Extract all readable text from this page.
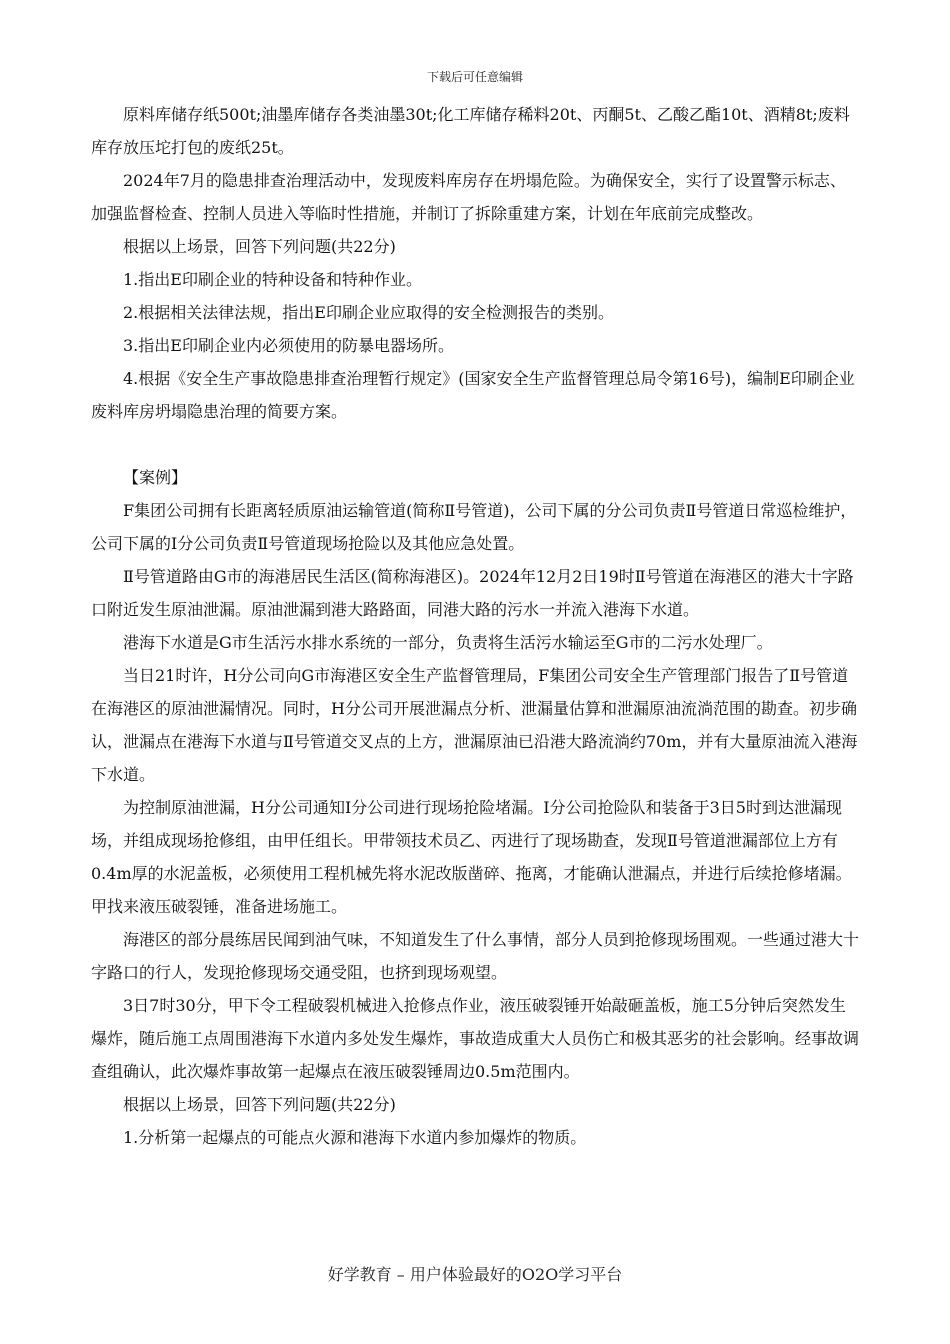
下载后可任意编辑

原料库储存纸500t;油墨库储存各类油墨30t;化工库储存稀料20t、丙酮5t、乙酸乙酯10t、酒精8t;废料库存放压坨打包的废纸25t。

2024年7月的隐患排查治理活动中，发现废料库房存在坍塌危险。为确保安全，实行了设置警示标志、加强监督检查、控制人员进入等临时性措施，并制订了拆除重建方案，计划在年底前完成整改。

根据以上场景，回答下列问题(共22分)

1.指出E印刷企业的特种设备和特种作业。

2.根据相关法律法规，指出E印刷企业应取得的安全检测报告的类别。

3.指出E印刷企业内必须使用的防暴电器场所。

4.根据《安全生产事故隐患排查治理暂行规定》(国家安全生产监督管理总局令第16号)，编制E印刷企业废料库房坍塌隐患治理的简要方案。

【案例】

F集团公司拥有长距离轻质原油运输管道(简称Ⅱ号管道)，公司下属的分公司负责Ⅱ号管道日常巡检维护，公司下属的Ⅰ分公司负责Ⅱ号管道现场抢险以及其他应急处置。

Ⅱ号管道路由G市的海港居民生活区(简称海港区)。2024年12月2日19时Ⅱ号管道在海港区的港大十字路口附近发生原油泄漏。原油泄漏到港大路路面，同港大路的污水一并流入港海下水道。

港海下水道是G市生活污水排水系统的一部分，负责将生活污水输运至G市的二污水处理厂。

当日21时许，H分公司向G市海港区安全生产监督管理局，F集团公司安全生产管理部门报告了Ⅱ号管道在海港区的原油泄漏情况。同时，H分公司开展泄漏点分析、泄漏量估算和泄漏原油流淌范围的勘查。初步确认，泄漏点在港海下水道与Ⅱ号管道交叉点的上方，泄漏原油已沿港大路流淌约70m，并有大量原油流入港海下水道。

为控制原油泄漏，H分公司通知Ⅰ分公司进行现场抢险堵漏。Ⅰ分公司抢险队和装备于3日5时到达泄漏现场，并组成现场抢修组，由甲任组长。甲带领技术员乙、丙进行了现场勘查，发现Ⅱ号管道泄漏部位上方有0.4m厚的水泥盖板，必须使用工程机械先将水泥改版凿碎、拖离，才能确认泄漏点，并进行后续抢修堵漏。甲找来液压破裂锤，准备进场施工。

海港区的部分晨练居民闻到油气味，不知道发生了什么事情，部分人员到抢修现场围观。一些通过港大十字路口的行人，发现抢修现场交通受阻，也挤到现场观望。

3日7时30分，甲下令工程破裂机械进入抢修点作业，液压破裂锤开始敲砸盖板，施工5分钟后突然发生爆炸，随后施工点周围港海下水道内多处发生爆炸，事故造成重大人员伤亡和极其恶劣的社会影响。经事故调查组确认，此次爆炸事故第一起爆点在液压破裂锤周边0.5m范围内。

根据以上场景，回答下列问题(共22分)

1.分析第一起爆点的可能点火源和港海下水道内参加爆炸的物质。

好学教育 – 用户体验最好的O2O学习平台
